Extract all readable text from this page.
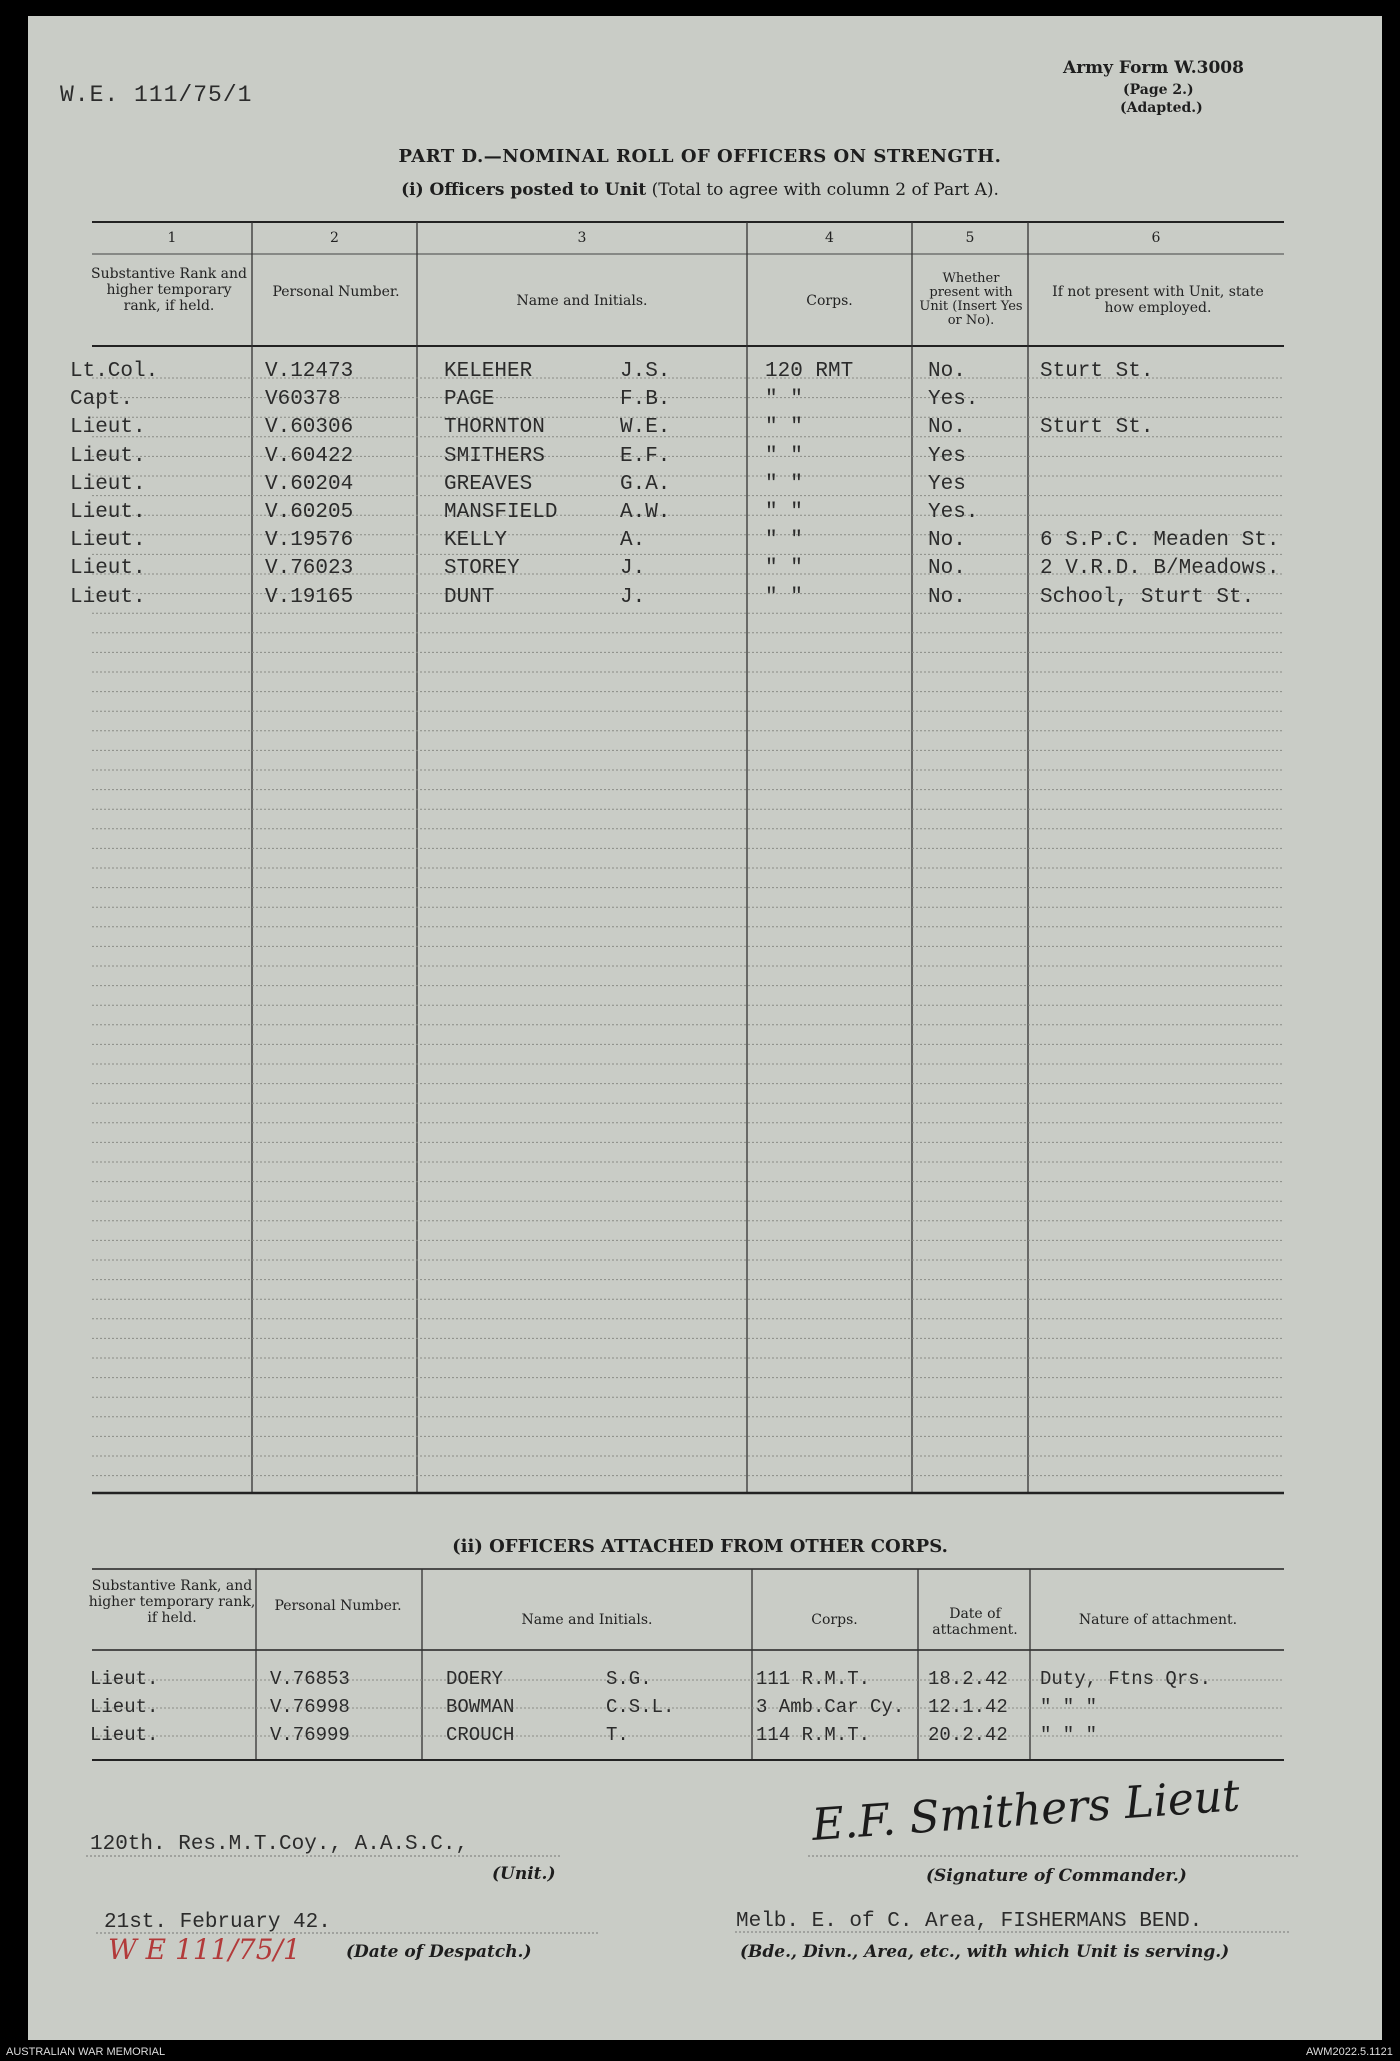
W.E. 111/75/1
Army Form W.3008
(Page 2.)
(Adapted.)
PART D.—NOMINAL ROLL OF OFFICERS ON STRENGTH.
(i) Officers posted to Unit (Total to agree with column 2 of Part A).
1	2	3	4	5	6
Substantive Rank and higher temporary rank, if held.
Personal Number.
Name and Initials.	Corps.
Whether present with Unit (Insert Yes or No).
If not present with Unit, state how employed.
Lt.Col.	V.12473	KELEHER	J.S.	120 RMT	No.	Sturt St.
Capt.	V60378	PAGE	F.B.	" "	Yes.
Lieut.	V.60306	THORNTON	W.E.	" "	No.	Sturt St.
Lieut.	V.60422	SMITHERS	E.F.	" "	Yes
Lieut.	V.60204	GREAVES	G.A.	" "	Yes
Lieut.	V.60205	MANSFIELD	A.W.	" "	Yes.
Lieut.	V.19576	KELLY	A.	" "	No.	6 S.P.C. Meaden St.
Lieut.	V.76023	STOREY	J.	" "	No.	2 V.R.D. B/Meadows.
Lieut.	V.19165	DUNT	J.	" "	No.	School, Sturt St.
(ii) OFFICERS ATTACHED FROM OTHER CORPS.
Substantive Rank, and higher temporary rank, if held.
Personal Number.
Name and Initials.	Corps.	Date of attachment.
Nature of attachment.
Lieut.	V.76853	DOERY	S.G.	111 R.M.T.	18.2.42 Duty, Ftns Qrs.
Lieut.	V.76998	BOWMAN	C.S.L.	3 Amb.Car Cy. 12.1.42 " " "
Lieut.	V.76999	CROUCH	T.	114 R.M.T.	20.2.42 " " "
120th. Res.M.T.Coy., A.A.S.C.,
(Unit.)
E.F. Smithers Lieut
(Signature of Commander.)
21st. February 42.
(Date of Despatch.)
Melb. E. of C. Area, FISHERMANS BEND.
(Bde., Divn., Area, etc., with which Unit is serving.)
W E 111/75/1
AUSTRALIAN WAR MEMORIAL	AWM2022.5.1121
